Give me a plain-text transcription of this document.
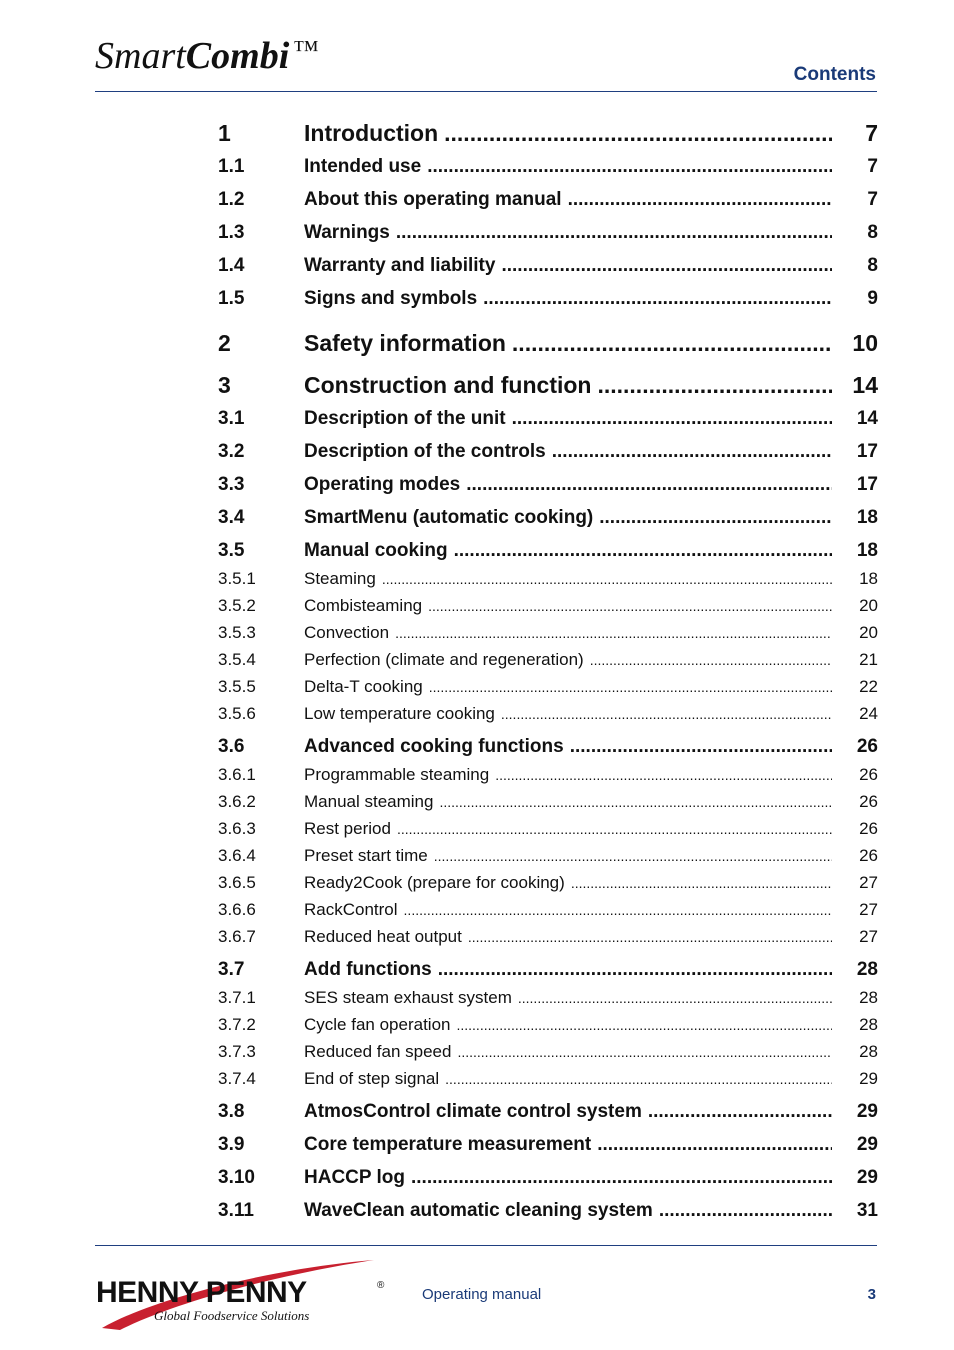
SmartCombi ™
Contents
1	Introduction .....	7
1.1	Intended use .....	7
1.2	About this operating manual .....	7
1.3	Warnings .....	8
1.4	Warranty and liability .....	8
1.5	Signs and symbols .....	9
2	Safety information .....	10
3	Construction and function .....	14
3.1	Description of the unit .....	14
3.2	Description of the controls .....	17
3.3	Operating modes .....	17
3.4	SmartMenu (automatic cooking) .....	18
3.5	Manual cooking .....	18
3.5.1	Steaming .....	18
3.5.2	Combisteaming .....	20
3.5.3	Convection .....	20
3.5.4	Perfection (climate and regeneration) .....	21
3.5.5	Delta-T cooking .....	22
3.5.6	Low temperature cooking .....	24
3.6	Advanced cooking functions .....	26
3.6.1	Programmable steaming .....	26
3.6.2	Manual steaming .....	26
3.6.3	Rest period .....	26
3.6.4	Preset start time .....	26
3.6.5	Ready2Cook (prepare for cooking) .....	27
3.6.6	RackControl .....	27
3.6.7	Reduced heat output .....	27
3.7	Add functions .....	28
3.7.1	SES steam exhaust system .....	28
3.7.2	Cycle fan operation .....	28
3.7.3	Reduced fan speed .....	28
3.7.4	End of step signal .....	29
3.8	AtmosControl climate control system .....	29
3.9	Core temperature measurement .....	29
3.10	HACCP log .....	29
3.11	WaveClean automatic cleaning system .....	31
HENNY PENNY	®
Global Foodservice Solutions
Operating manual	3
